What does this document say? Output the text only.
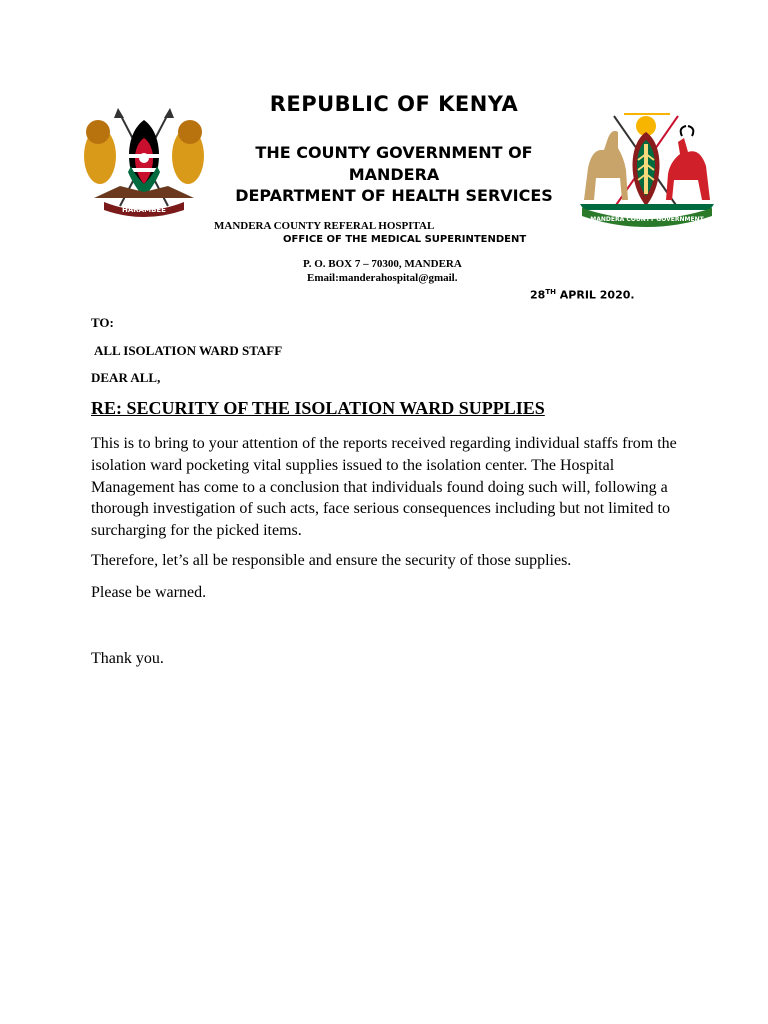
HARAMBEE
MANDERA COUNTY GOVERNMENT
REPUBLIC OF KENYA
THE COUNTY GOVERNMENT OF MANDERA
DEPARTMENT OF HEALTH SERVICES
MANDERA COUNTY REFERAL HOSPITAL
OFFICE OF THE MEDICAL SUPERINTENDENT
P. O. BOX 7 – 70300, MANDERA
Email:manderahospital@gmail.
28TH APRIL 2020.
TO:
ALL ISOLATION WARD STAFF
DEAR ALL,
RE: SECURITY OF THE ISOLATION WARD SUPPLIES
This is to bring to your attention of the reports received regarding individual staffs from the isolation ward pocketing vital supplies issued to the isolation center. The Hospital Management has come to a conclusion that individuals found doing such will, following a thorough investigation of such acts, face serious consequences including but not limited to surcharging for the picked items.
Therefore, let’s all be responsible and ensure the security of those supplies.
Please be warned.
Thank you.
